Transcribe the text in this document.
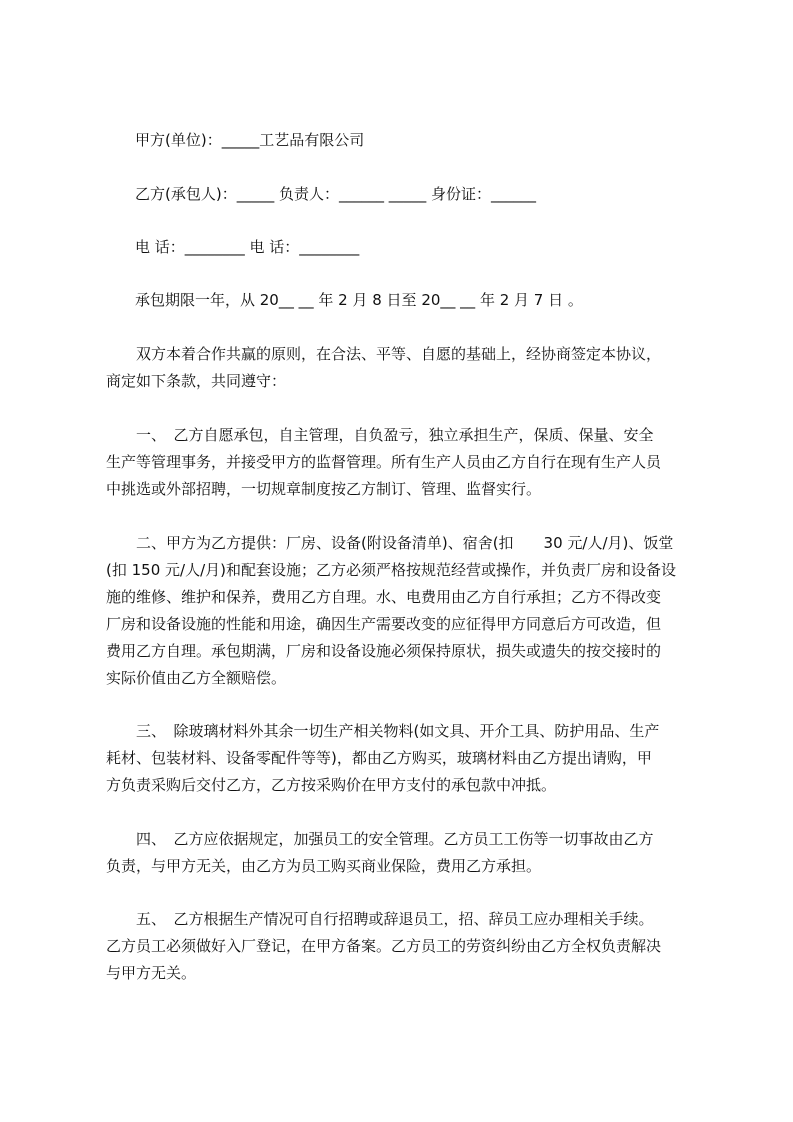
甲方(单位)：_____工艺品有限公司
乙方(承包人)：_____ 负责人：______ _____ 身份证：______
电 话：________ 电 话：________
承包期限一年，从 20__ __ 年 2 月 8 日至 20__ __ 年 2 月 7 日 。
　　双方本着合作共赢的原则，在合法、平等、自愿的基础上，经协商签定本协议，
商定如下条款，共同遵守：
　　一、　乙方自愿承包，自主管理，自负盈亏，独立承担生产，保质、保量、安全
生产等管理事务，并接受甲方的监督管理。所有生产人员由乙方自行在现有生产人员
中挑选或外部招聘，一切规章制度按乙方制订、管理、监督实行。
　　二、甲方为乙方提供：厂房、设备(附设备清单)、宿舍(扣　　30 元/人/月)、饭堂
(扣 150 元/人/月)和配套设施；乙方必须严格按规范经营或操作，并负责厂房和设备设
施的维修、维护和保养，费用乙方自理。水、电费用由乙方自行承担；乙方不得改变
厂房和设备设施的性能和用途，确因生产需要改变的应征得甲方同意后方可改造，但
费用乙方自理。承包期满，厂房和设备设施必须保持原状，损失或遗失的按交接时的
实际价值由乙方全额赔偿。
　　三、　除玻璃材料外其余一切生产相关物料(如文具、开介工具、防护用品、生产
耗材、包装材料、设备零配件等等)，都由乙方购买，玻璃材料由乙方提出请购，甲
方负责采购后交付乙方，乙方按采购价在甲方支付的承包款中冲抵。
　　四、　乙方应依据规定，加强员工的安全管理。乙方员工工伤等一切事故由乙方
负责，与甲方无关，由乙方为员工购买商业保险，费用乙方承担。
　　五、　乙方根据生产情况可自行招聘或辞退员工，招、辞员工应办理相关手续。
乙方员工必须做好入厂登记，在甲方备案。乙方员工的劳资纠纷由乙方全权负责解决
与甲方无关。
